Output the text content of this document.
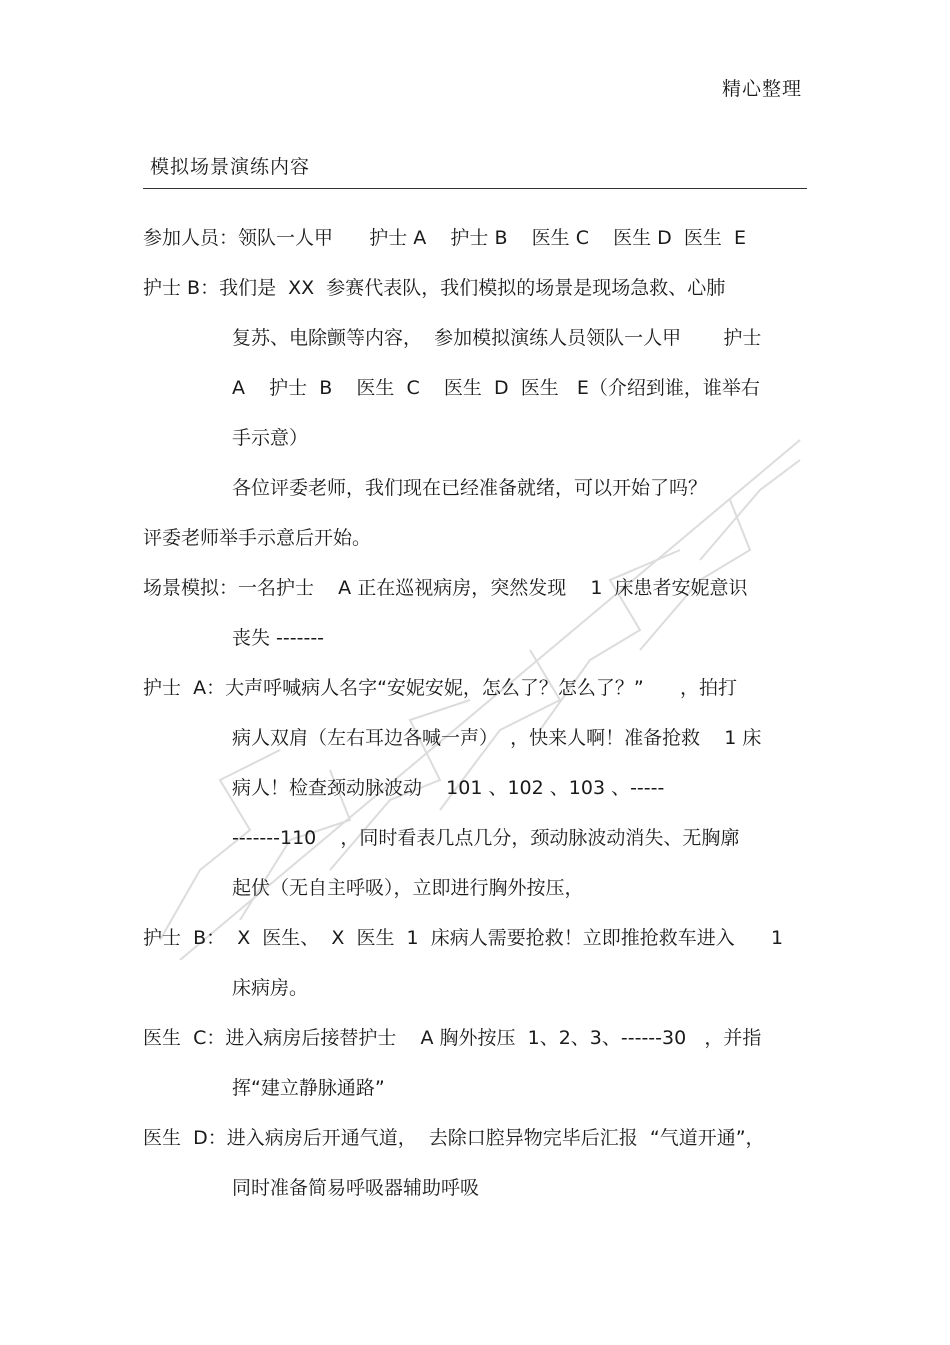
精心整理
模拟场景演练内容
参加人员：领队一人甲      护士 A    护士 B    医生 C    医生 D  医生  E
护士 B：我们是  XX  参赛代表队，我们模拟的场景是现场急救、心肺
复苏、电除颤等内容，  参加模拟演练人员领队一人甲       护士
A    护士  B    医生  C    医生  D  医生   E（介绍到谁，谁举右
手示意）
各位评委老师，我们现在已经准备就绪，可以开始了吗？
评委老师举手示意后开始。
场景模拟：一名护士    A 正在巡视病房，突然发现    1  床患者安妮意识
丧失 -------
护士  A：大声呼喊病人名字“安妮安妮，怎么了？怎么了？”      ，拍打
病人双肩（左右耳边各喊一声）  ，快来人啊！准备抢救    1 床
病人！检查颈动脉波动    101 、102 、103 、-----
-------110    ，同时看表几点几分，颈动脉波动消失、无胸廓
起伏（无自主呼吸），立即进行胸外按压，
护士  B：  X  医生、  X  医生  1  床病人需要抢救！立即推抢救车进入      1
床病房。
医生  C：进入病房后接替护士    A 胸外按压  1、2、3、------30   ，并指
挥“建立静脉通路”
医生  D：进入病房后开通气道，  去除口腔异物完毕后汇报  “气道开通”，
同时准备简易呼吸器辅助呼吸
